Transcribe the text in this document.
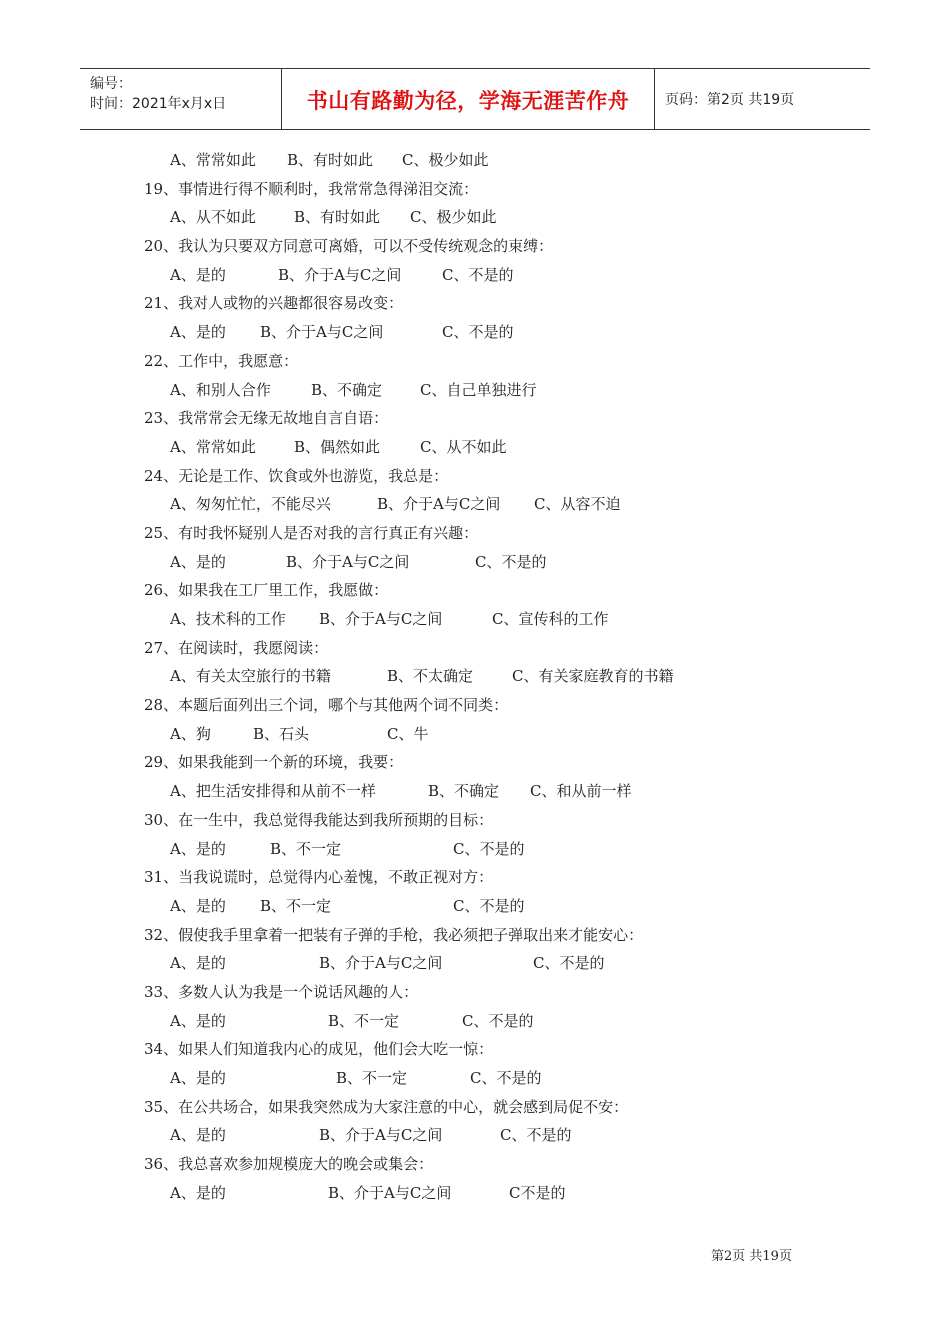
编号：
时间：2021年x月x日	书山有路勤为径，学海无涯苦作舟	页码：第2页 共19页
A、常常如此 B、有时如此 C、极少如此
19、事情进行得不顺利时，我常常急得涕泪交流：
A、从不如此	B、有时如此 C、极少如此
20、我认为只要双方同意可离婚，可以不受传统观念的束缚：
A、是的	B、介于A与C之间	C、不是的
21、我对人或物的兴趣都很容易改变：
A、是的 B、介于A与C之间	C、不是的
22、工作中，我愿意：
A、和别人合作	B、不确定	C、自己单独进行
23、我常常会无缘无故地自言自语：
A、常常如此	B、偶然如此	C、从不如此
24、无论是工作、饮食或外也游览，我总是：
A、匆匆忙忙，不能尽兴	B、介于A与C之间 C、从容不迫
25、有时我怀疑别人是否对我的言行真正有兴趣：
A、是的	B、介于A与C之间	C、不是的
26、如果我在工厂里工作，我愿做：
A、技术科的工作 B、介于A与C之间	C、宣传科的工作
27、在阅读时，我愿阅读：
A、有关太空旅行的书籍	B、不太确定	C、有关家庭教育的书籍
28、本题后面列出三个词，哪个与其他两个词不同类：
A、狗	B、石头	C、牛
29、如果我能到一个新的环境，我要：
A、把生活安排得和从前不一样	B、不确定 C、和从前一样
30、在一生中，我总觉得我能达到我所预期的目标：
A、是的	B、不一定	C、不是的
31、当我说谎时，总觉得内心羞愧，不敢正视对方：
A、是的 B、不一定	C、不是的
32、假使我手里拿着一把装有子弹的手枪，我必须把子弹取出来才能安心：
A、是的	B、介于A与C之间	C、不是的
33、多数人认为我是一个说话风趣的人：
A、是的	B、不一定	C、不是的
34、如果人们知道我内心的成见，他们会大吃一惊：
A、是的	B、不一定	C、不是的
35、在公共场合，如果我突然成为大家注意的中心，就会感到局促不安：
A、是的	B、介于A与C之间	C、不是的
36、我总喜欢参加规模庞大的晚会或集会：
A、是的	B、介于A与C之间	C不是的
第2页 共19页
